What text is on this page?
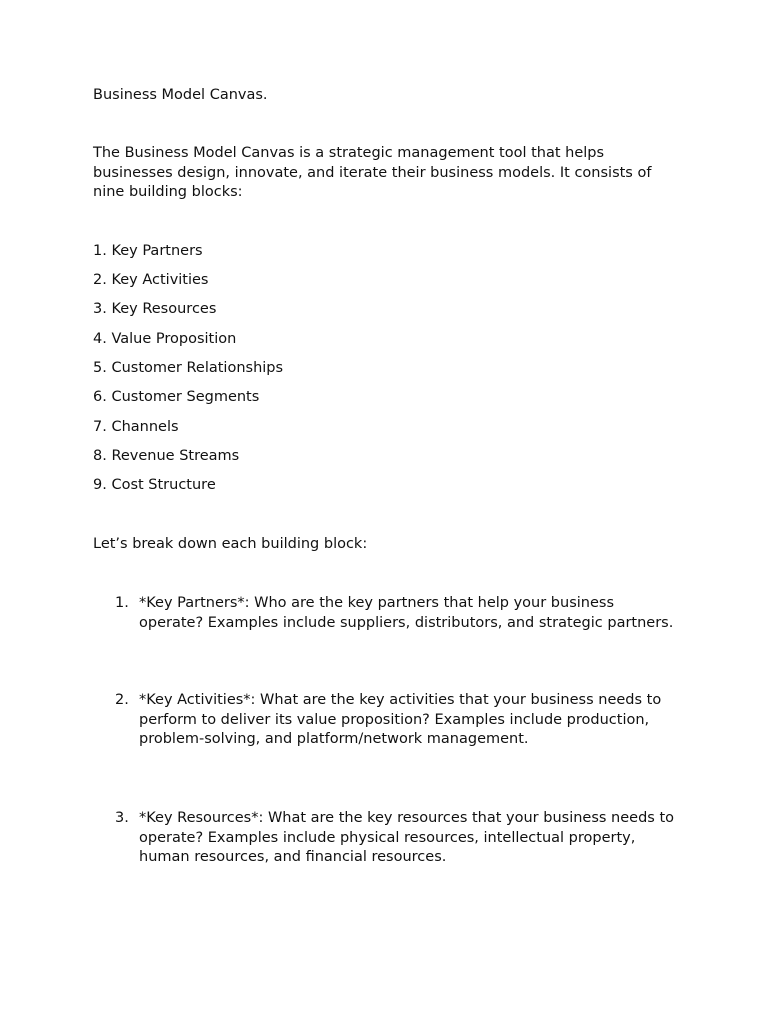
Business Model Canvas.
The Business Model Canvas is a strategic management tool that helps businesses design, innovate, and iterate their business models. It consists of nine building blocks:
1. Key Partners
2. Key Activities
3. Key Resources
4. Value Proposition
5. Customer Relationships
6. Customer Segments
7. Channels
8. Revenue Streams
9. Cost Structure
Let’s break down each building block:
1. *Key Partners*: Who are the key partners that help your business operate? Examples include suppliers, distributors, and strategic partners.
2. *Key Activities*: What are the key activities that your business needs to perform to deliver its value proposition? Examples include production, problem-solving, and platform/network management.
3. *Key Resources*: What are the key resources that your business needs to operate? Examples include physical resources, intellectual property, human resources, and financial resources.
